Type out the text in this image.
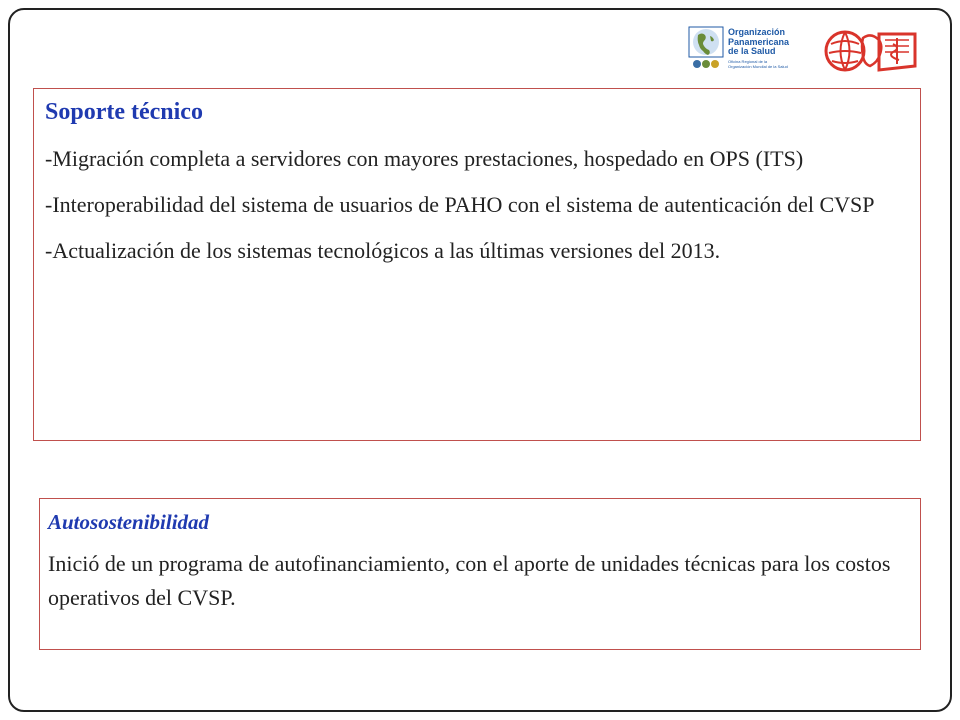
Organización
Panamericana
de la Salud
Oficina Regional de la
Organización Mundial de la Salud
Soporte técnico
-Migración completa a servidores con mayores prestaciones, hospedado en OPS (ITS)
-Interoperabilidad del sistema de usuarios de PAHO con el sistema de autenticación del CVSP
-Actualización de los sistemas tecnológicos a las últimas versiones del 2013.
Autosostenibilidad
Inició de un programa de autofinanciamiento, con el aporte de unidades técnicas para los costos operativos del CVSP.
